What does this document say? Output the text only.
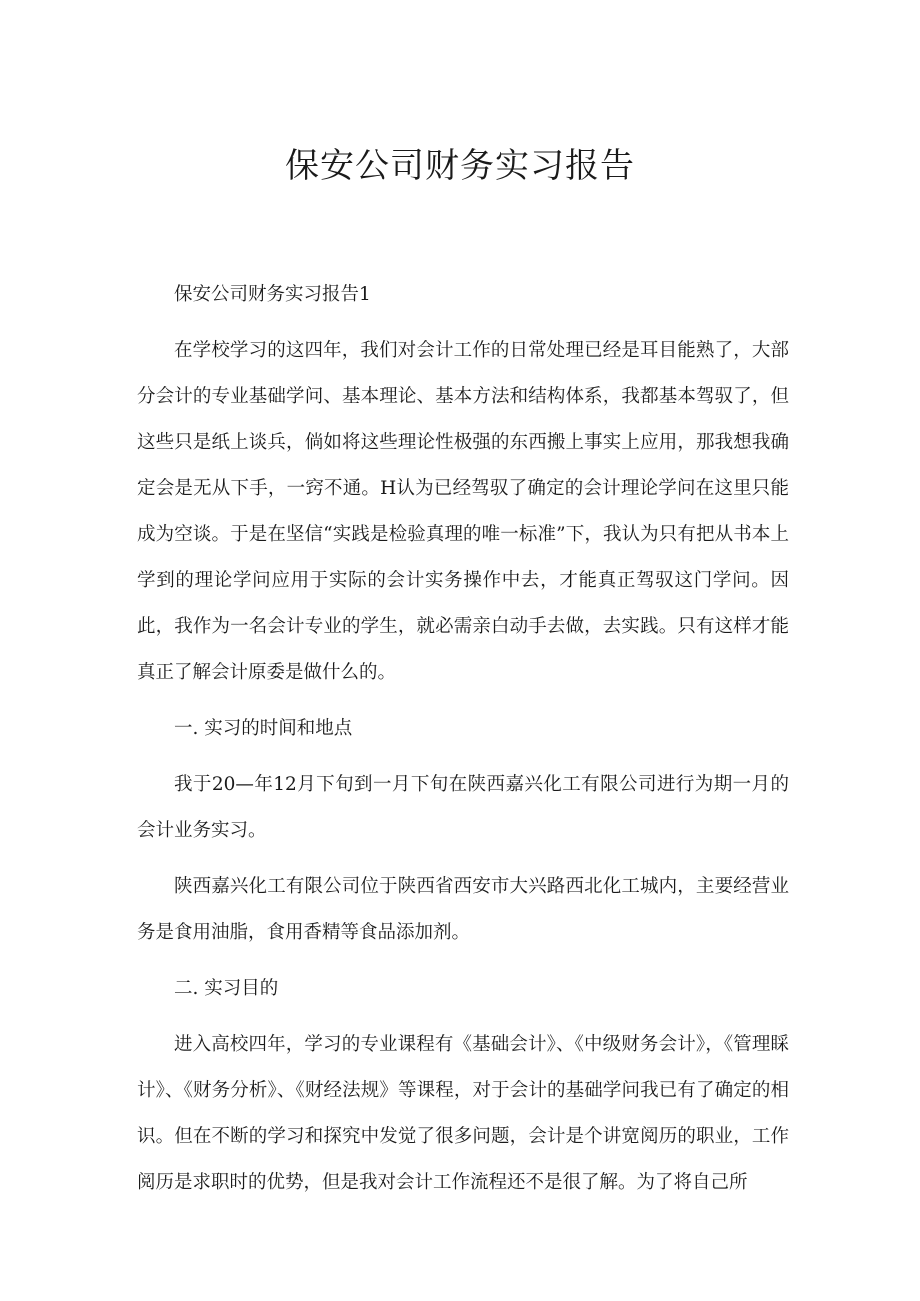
保安公司财务实习报告

保安公司财务实习报告1

在学校学习的这四年，我们对会计工作的日常处理已经是耳目能熟了，大部分会计的专业基础学问、基本理论、基本方法和结构体系，我都基本驾驭了，但这些只是纸上谈兵，倘如将这些理论性极强的东西搬上事实上应用，那我想我确定会是无从下手，一窍不通。H认为已经驾驭了确定的会计理论学问在这里只能成为空谈。于是在坚信“实践是检验真理的唯一标准”下，我认为只有把从书本上学到的理论学问应用于实际的会计实务操作中去，才能真正驾驭这门学问。因此，我作为一名会计专业的学生，就必需亲白动手去做，去实践。只有这样才能真正了解会计原委是做什么的。

一. 实习的时间和地点

我于20—年12月下旬到一月下旬在陕西嘉兴化工有限公司进行为期一月的会计业务实习。

陕西嘉兴化工有限公司位于陕西省西安市大兴路西北化工城内，主要经营业务是食用油脂，食用香精等食品添加剂。

二. 实习目的

进入高校四年，学习的专业课程有《基础会计》、《中级财务会计》，《管理睬计》、《财务分析》、《财经法规》等课程，对于会计的基础学问我已有了确定的相识。但在不断的学习和探究中发觉了很多问题，会计是个讲宽阅历的职业，工作阅历是求职时的优势，但是我对会计工作流程还不是很了解。为了将自己所
